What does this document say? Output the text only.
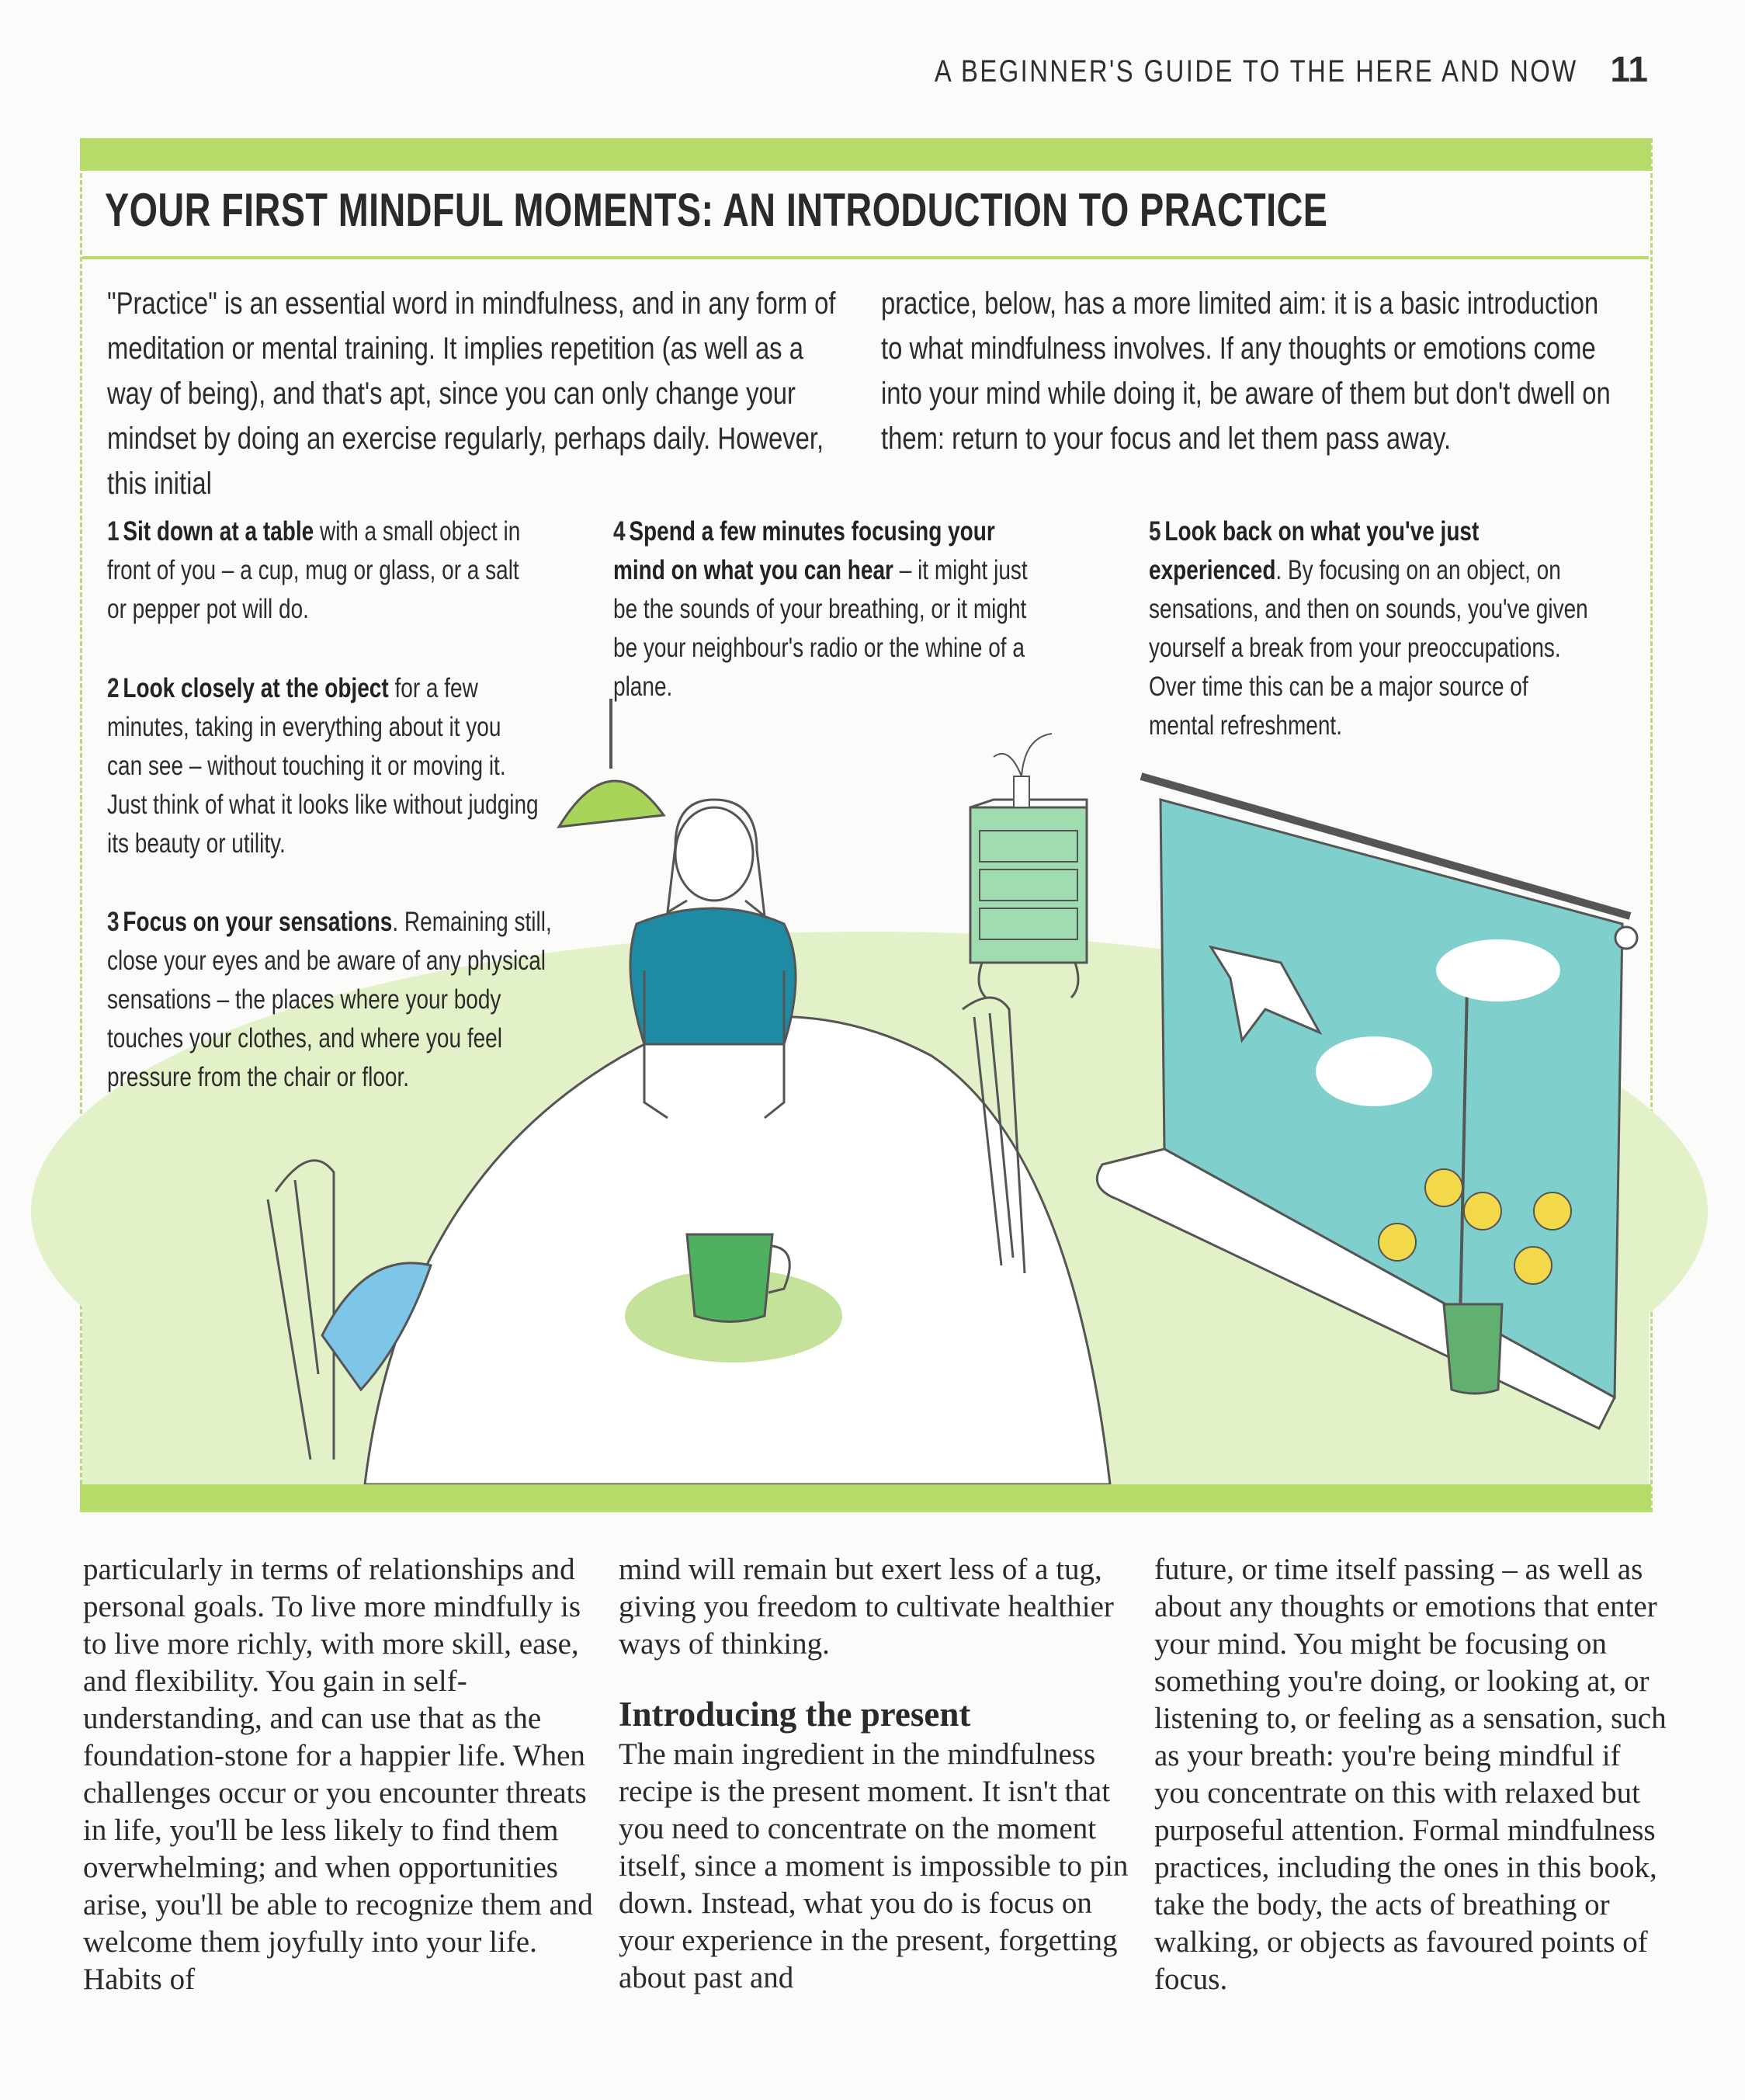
A BEGINNER'S GUIDE TO THE HERE AND NOW 11
YOUR FIRST MINDFUL MOMENTS: AN INTRODUCTION TO PRACTICE
"Practice" is an essential word in mindfulness, and in any form of meditation or mental training. It implies repetition (as well as a way of being), and that's apt, since you can only change your mindset by doing an exercise regularly, perhaps daily. However, this initial
practice, below, has a more limited aim: it is a basic introduction to what mindfulness involves. If any thoughts or emotions come into your mind while doing it, be aware of them but don't dwell on them: return to your focus and let them pass away.
1 Sit down at a table with a small object in front of you – a cup, mug or glass, or a salt or pepper pot will do.
2 Look closely at the object for a few minutes, taking in everything about it you can see – without touching it or moving it. Just think of what it looks like without judging its beauty or utility.
3 Focus on your sensations. Remaining still, close your eyes and be aware of any physical sensations – the places where your body touches your clothes, and where you feel pressure from the chair or floor.
4 Spend a few minutes focusing your mind on what you can hear – it might just be the sounds of your breathing, or it might be your neighbour's radio or the whine of a plane.
5 Look back on what you've just experienced. By focusing on an object, on sensations, and then on sounds, you've given yourself a break from your preoccupations. Over time this can be a major source of mental refreshment.
particularly in terms of relationships and personal goals. To live more mindfully is to live more richly, with more skill, ease, and flexibility. You gain in self-understanding, and can use that as the foundation-stone for a happier life. When challenges occur or you encounter threats in life, you'll be less likely to find them overwhelming; and when opportunities arise, you'll be able to recognize them and welcome them joyfully into your life. Habits of
mind will remain but exert less of a tug, giving you freedom to cultivate healthier ways of thinking.
Introducing the present
The main ingredient in the mindfulness recipe is the present moment. It isn't that you need to concentrate on the moment itself, since a moment is impossible to pin down. Instead, what you do is focus on your experience in the present, forgetting about past and
future, or time itself passing – as well as about any thoughts or emotions that enter your mind. You might be focusing on something you're doing, or looking at, or listening to, or feeling as a sensation, such as your breath: you're being mindful if you concentrate on this with relaxed but purposeful attention. Formal mindfulness practices, including the ones in this book, take the body, the acts of breathing or walking, or objects as favoured points of focus.
